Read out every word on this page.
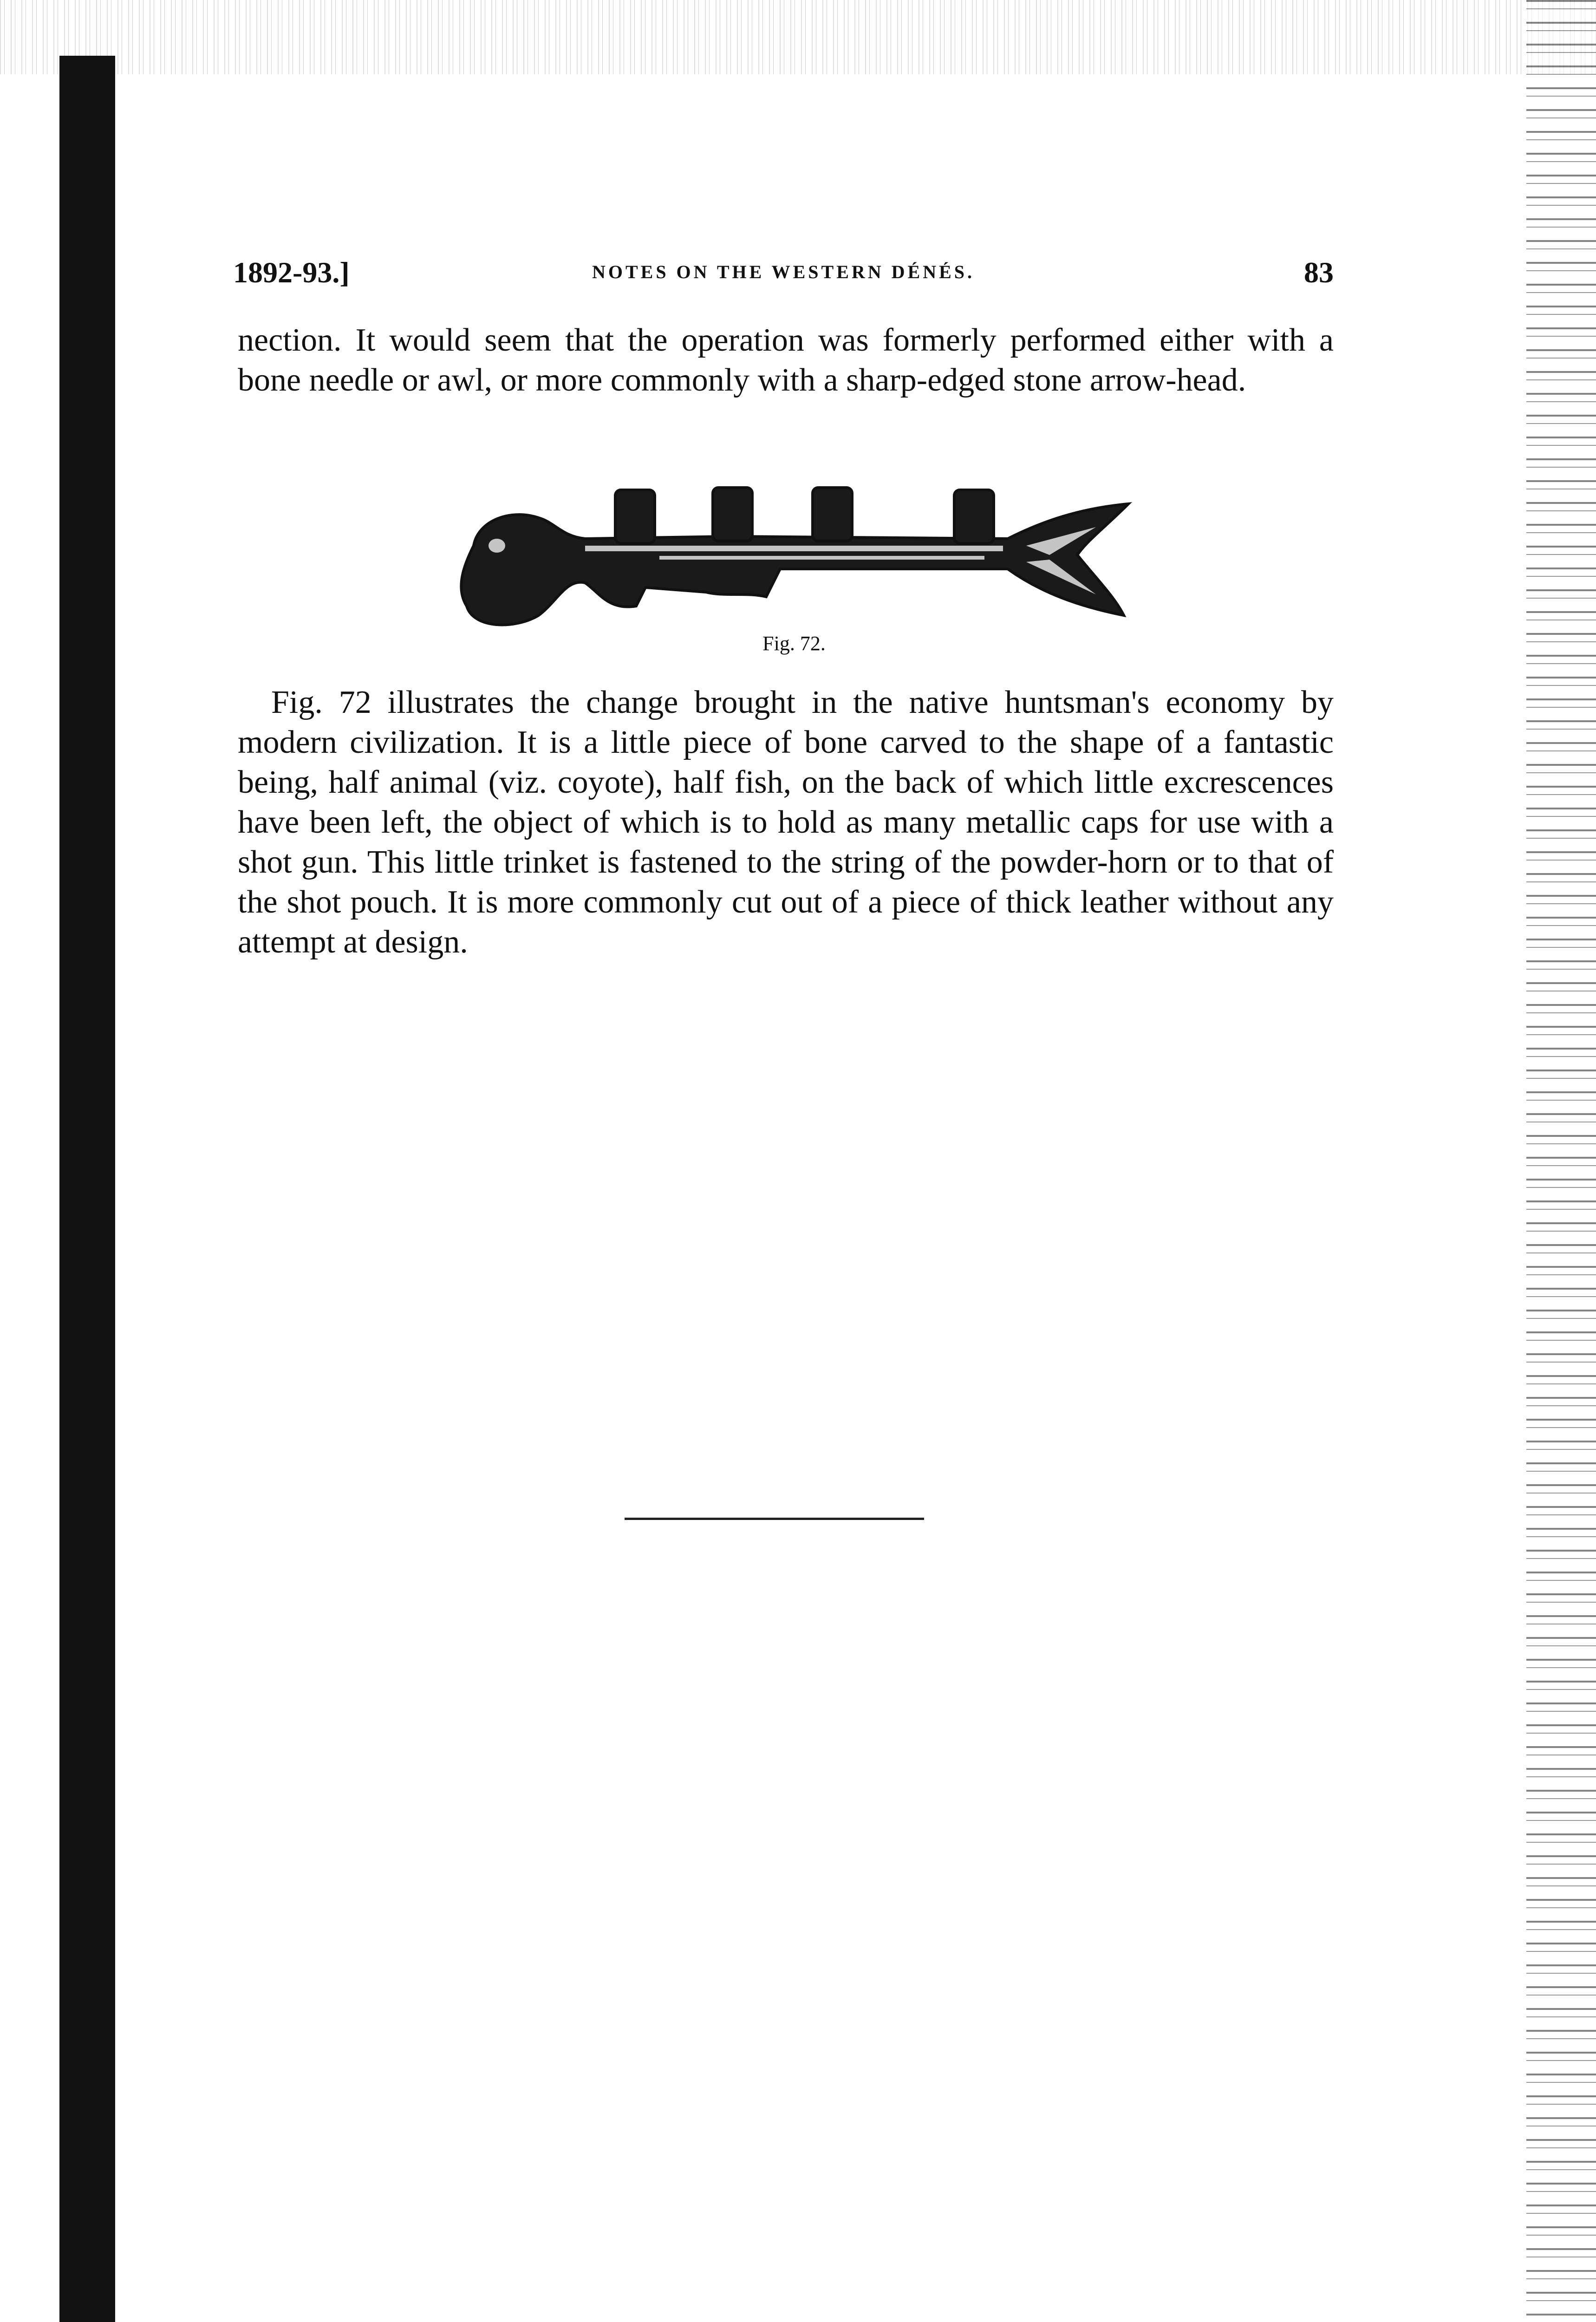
1892-93.]	NOTES ON THE WESTERN DÉNÉS.	83
nection. It would seem that the operation was formerly performed either with a bone needle or awl, or more commonly with a sharp-edged stone arrow-head.
Fig. 72.
Fig. 72 illustrates the change brought in the native huntsman's economy by modern civilization. It is a little piece of bone carved to the shape of a fantastic being, half animal (viz. coyote), half fish, on the back of which little excrescences have been left, the object of which is to hold as many metallic caps for use with a shot gun. This little trinket is fastened to the string of the powder-horn or to that of the shot pouch. It is more commonly cut out of a piece of thick leather without any attempt at design.
